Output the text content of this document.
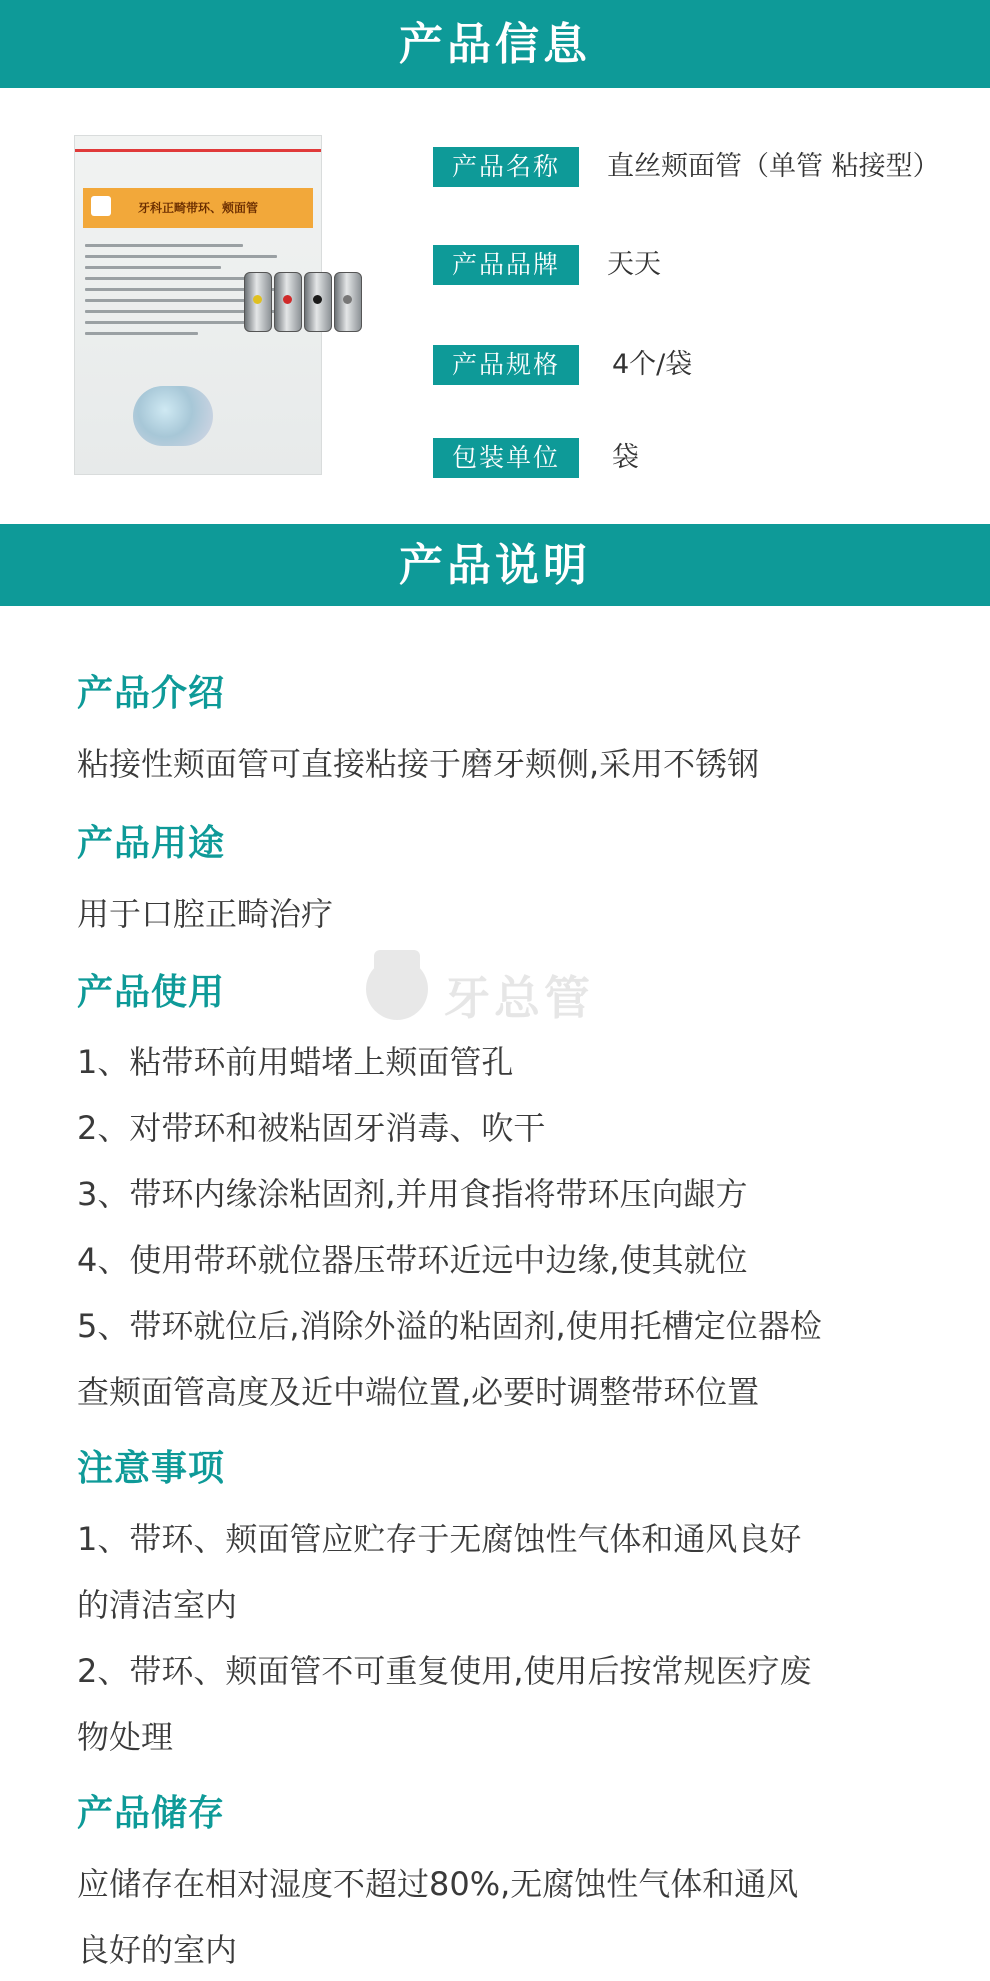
产品信息
牙科正畸带环、颊面管
产品名称	直丝颊面管（单管 粘接型）
产品品牌	天天
产品规格	4个/袋
包装单位	袋
产品说明
牙总管
产品介绍
粘接性颊面管可直接粘接于磨牙颊侧,采用不锈钢
产品用途
用于口腔正畸治疗
产品使用
1、粘带环前用蜡堵上颊面管孔
2、对带环和被粘固牙消毒、吹干
3、带环内缘涂粘固剂,并用食指将带环压向龈方
4、使用带环就位器压带环近远中边缘,使其就位
5、带环就位后,消除外溢的粘固剂,使用托槽定位器检
查颊面管高度及近中端位置,必要时调整带环位置
注意事项
1、带环、颊面管应贮存于无腐蚀性气体和通风良好
的清洁室内
2、带环、颊面管不可重复使用,使用后按常规医疗废
物处理
产品储存
应储存在相对湿度不超过80%,无腐蚀性气体和通风
良好的室内
